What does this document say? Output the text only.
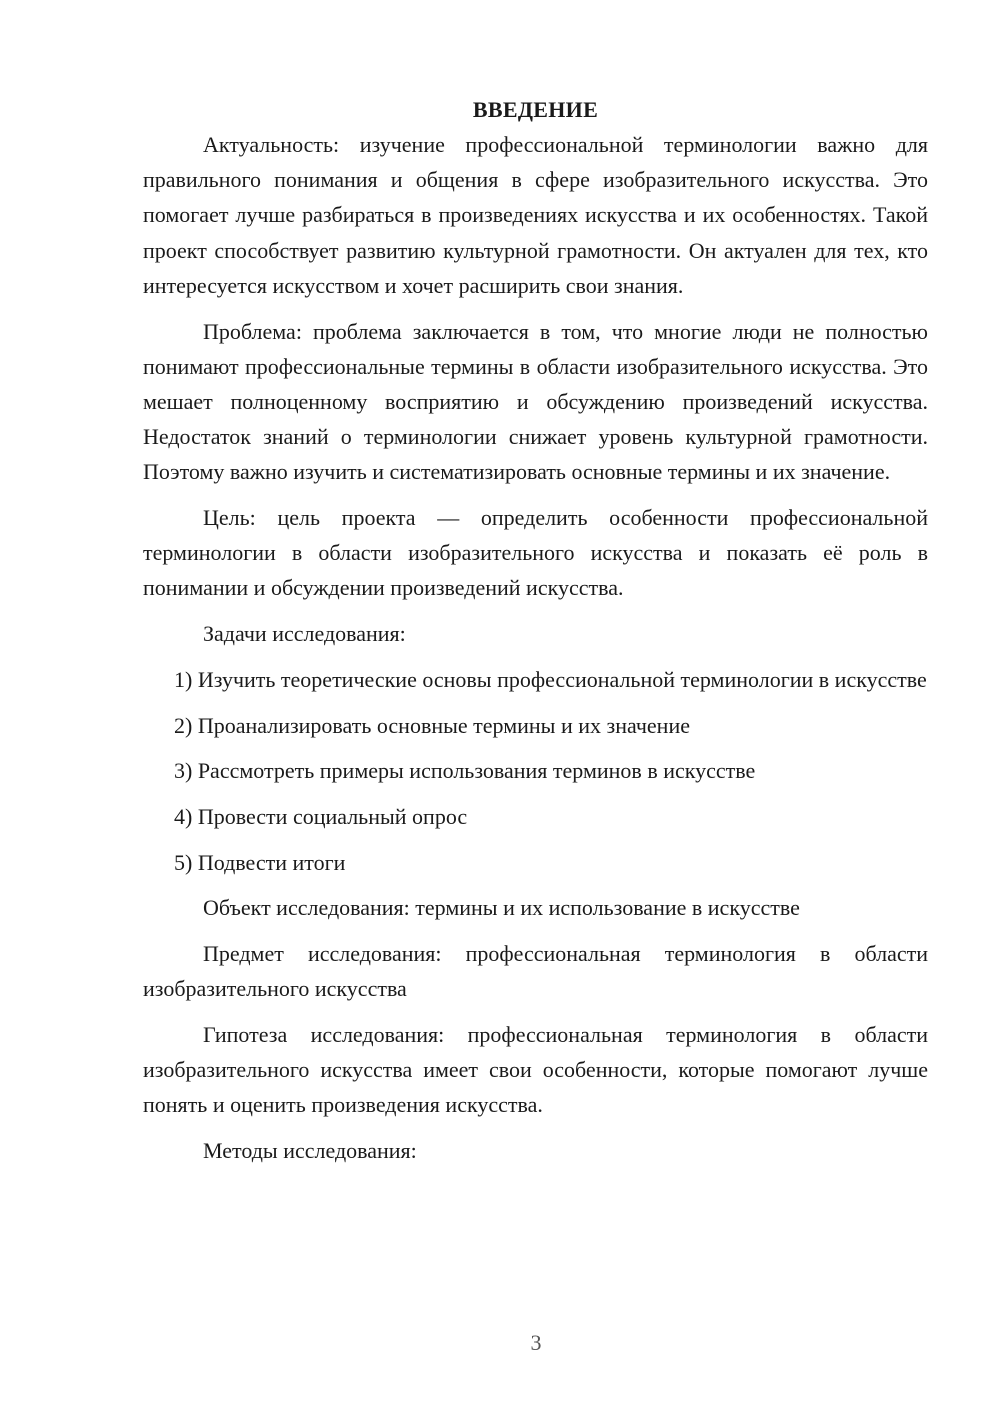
ВВЕДЕНИЕ

Актуальность: изучение профессиональной терминологии важно для правильного понимания и общения в сфере изобразительного искусства. Это помогает лучше разбираться в произведениях искусства и их особенностях. Такой проект способствует развитию культурной грамотности. Он актуален для тех, кто интересуется искусством и хочет расширить свои знания.

Проблема: проблема заключается в том, что многие люди не полностью понимают профессиональные термины в области изобразительного искусства. Это мешает полноценному восприятию и обсуждению произведений искусства. Недостаток знаний о терминологии снижает уровень культурной грамотности. Поэтому важно изучить и систематизировать основные термины и их значение.

Цель: цель проекта — определить особенности профессиональной терминологии в области изобразительного искусства и показать её роль в понимании и обсуждении произведений искусства.

Задачи исследования:

1) Изучить теоретические основы профессиональной терминологии в искусстве

2) Проанализировать основные термины и их значение

3) Рассмотреть примеры использования терминов в искусстве

4) Провести социальный опрос

5) Подвести итоги

Объект исследования: термины и их использование в искусстве

Предмет исследования: профессиональная терминология в области изобразительного искусства

Гипотеза исследования: профессиональная терминология в области изобразительного искусства имеет свои особенности, которые помогают лучше понять и оценить произведения искусства.

Методы исследования:

3
